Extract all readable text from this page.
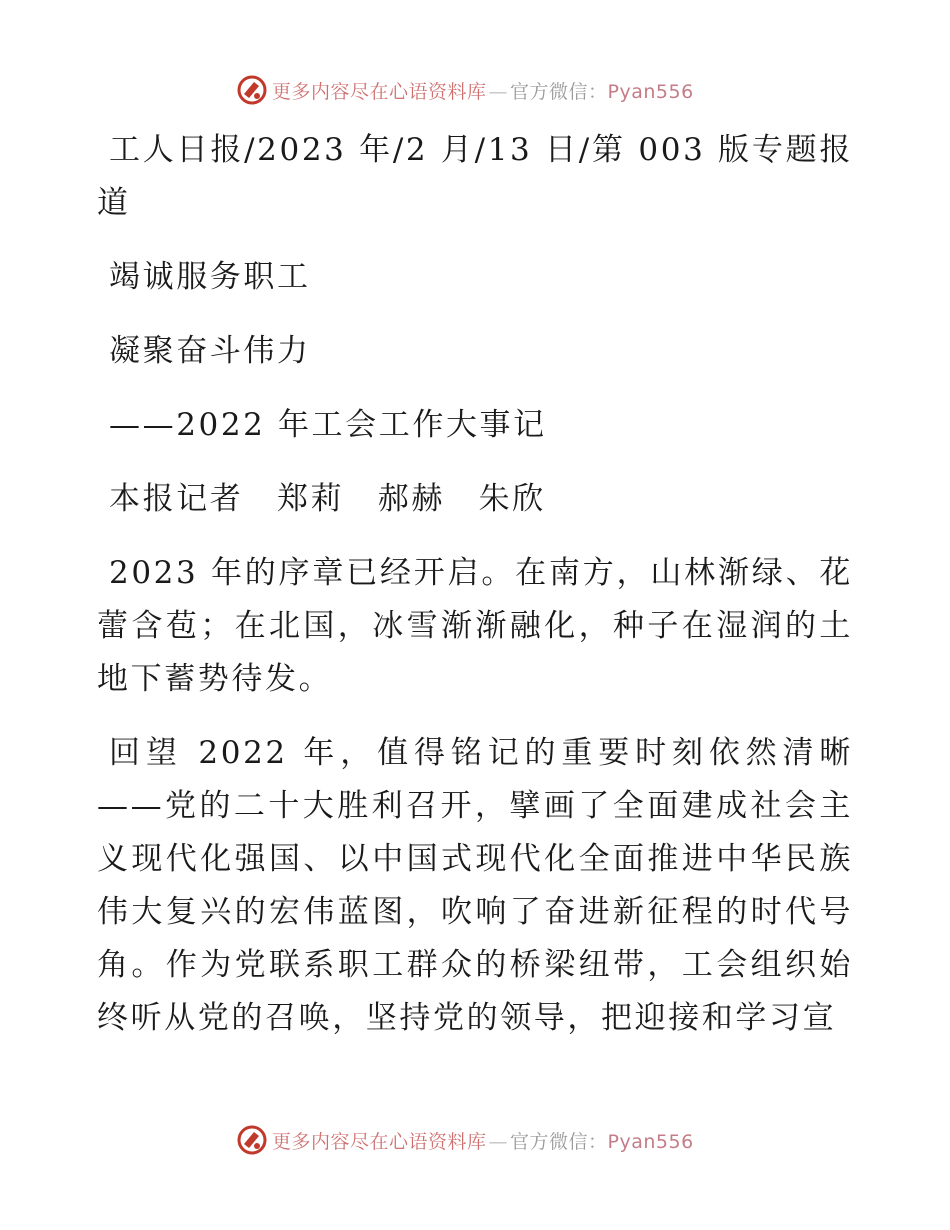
更多内容尽在心语资料库 — 官方微信：Pyan556

工人日报/2023 年/2 月/13 日/第 003 版专题报道

竭诚服务职工

凝聚奋斗伟力

——2022 年工会工作大事记

本报记者　郑莉　郝赫　朱欣

2023 年的序章已经开启。在南方，山林渐绿、花蕾含苞；在北国，冰雪渐渐融化，种子在湿润的土地下蓄势待发。

回望 2022 年，值得铭记的重要时刻依然清晰——党的二十大胜利召开，擘画了全面建成社会主义现代化强国、以中国式现代化全面推进中华民族伟大复兴的宏伟蓝图，吹响了奋进新征程的时代号角。作为党联系职工群众的桥梁纽带，工会组织始终听从党的召唤，坚持党的领导，把迎接和学习宣

更多内容尽在心语资料库 — 官方微信：Pyan556
